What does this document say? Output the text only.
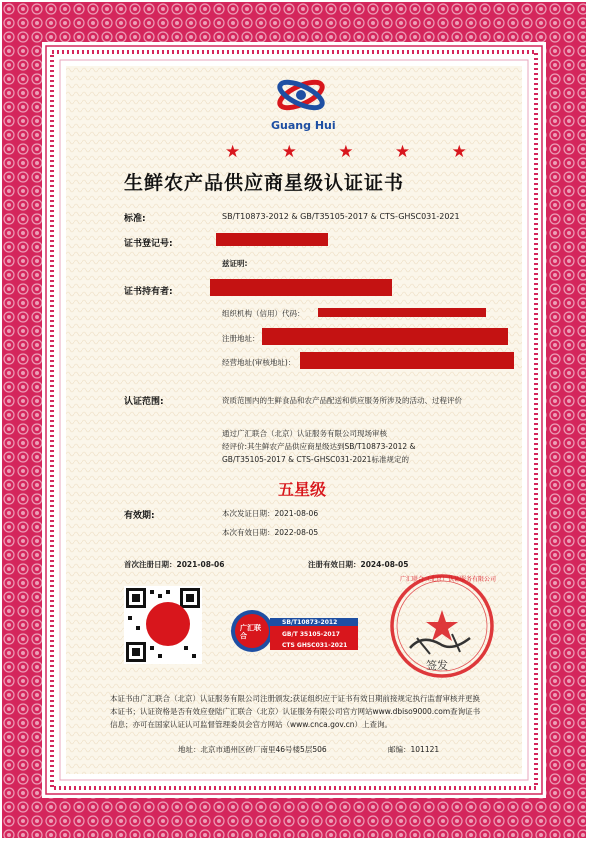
Guang Hui
★ ★ ★ ★ ★
生鲜农产品供应商星级认证证书
标准:	SB/T10873-2012 & GB/T35105-2017 & CTS-GHSC031-2021
证书登记号:
兹证明:
证书持有者:
组织机构（信用）代码：
注册地址：
经营地址(审核地址)：
认证范围:	资质范围内的生鲜食品和农产品配送和供应服务所涉及的活动、过程评价
通过广汇联合（北京）认证服务有限公司现场审核
经评价:其生鲜农产品供应商星级达到SB/T10873-2012 &
GB/T35105-2017 & CTS-GHSC031-2021标准规定的
五星级
有效期:	本次发证日期：2021-08-06
本次有效日期：2022-08-05
首次注册日期：2021-08-06	注册有效日期：2024-08-05
广汇联合
SB/T10873-2012
GB/T 35105-2017
CTS GHSC031-2021
广汇联合（北京）认证服务有限公司
签发
本证书由广汇联合（北京）认证服务有限公司注册颁发;获证组织应于证书有效日期前接规定执行监督审核并更换
本证书；认证资格是否有效应登陆广汇联合（北京）认证服务有限公司官方网站www.dbiso9000.com查询证书
信息；亦可在国家认证认可监督管理委员会官方网站（www.cnca.gov.cn）上查询。
地址：北京市通州区砖厂南里46号楼5层506	邮编：101121
